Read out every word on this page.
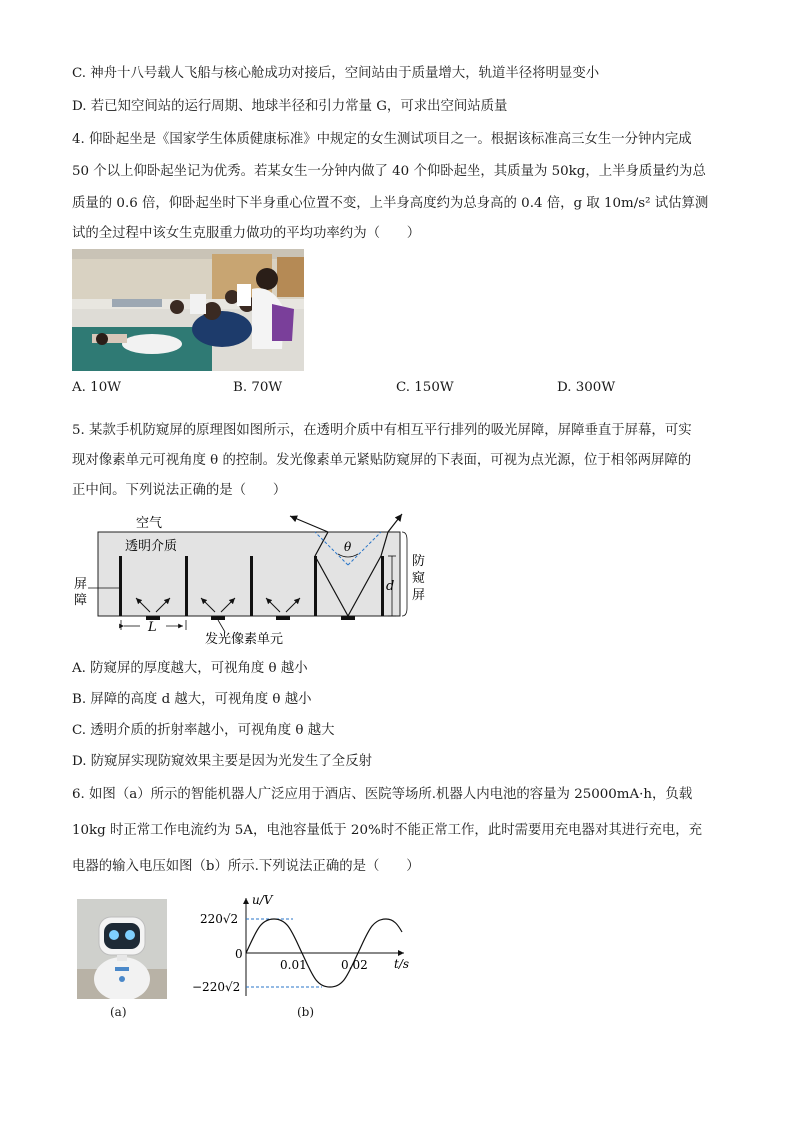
C. 神舟十八号载人飞船与核心舱成功对接后，空间站由于质量增大，轨道半径将明显变小
D. 若已知空间站的运行周期、地球半径和引力常量 G，可求出空间站质量
4. 仰卧起坐是《国家学生体质健康标准》中规定的女生测试项目之一。根据该标准高三女生一分钟内完成
50 个以上仰卧起坐记为优秀。若某女生一分钟内做了 40 个仰卧起坐，其质量为 50kg，上半身质量约为总
质量的 0.6 倍，仰卧起坐时下半身重心位置不变，上半身高度约为总身高的 0.4 倍，g 取 10m/s² 试估算测
试的全过程中该女生克服重力做功的平均功率约为（　　）
A. 10W	B. 70W	C. 150W	D. 300W
5. 某款手机防窥屏的原理图如图所示，在透明介质中有相互平行排列的吸光屏障，屏障垂直于屏幕，可实
现对像素单元可视角度 θ 的控制。发光像素单元紧贴防窥屏的下表面，可视为点光源，位于相邻两屏障的
正中间。下列说法正确的是（　　）
空气
透明介质
屏
障
θ
d
防
窥
屏
L
发光像素单元
A. 防窥屏的厚度越大，可视角度 θ 越小
B. 屏障的高度 d 越大，可视角度 θ 越小
C. 透明介质的折射率越小，可视角度 θ 越大
D. 防窥屏实现防窥效果主要是因为光发生了全反射
6. 如图（a）所示的智能机器人广泛应用于酒店、医院等场所.机器人内电池的容量为 25000mA·h，负载
10kg 时正常工作电流约为 5A，电池容量低于 20%时不能正常工作，此时需要用充电器对其进行充电，充
电器的输入电压如图（b）所示.下列说法正确的是（　　）
(a)
u/V
t/s
220√2
−220√2
0
0.01	0.02
(b)
